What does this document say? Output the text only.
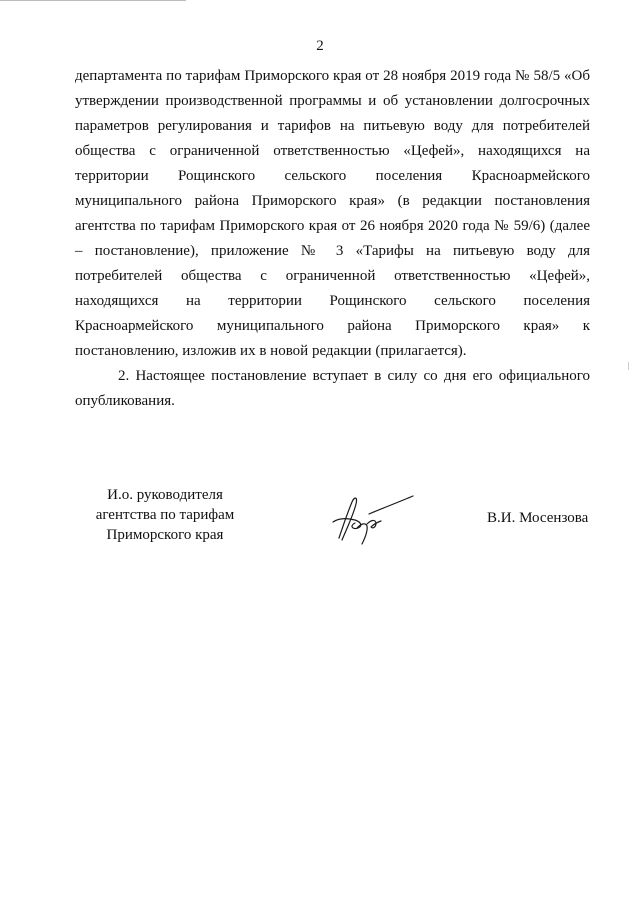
2

департамента по тарифам Приморского края от 28 ноября 2019 года № 58/5 «Об утверждении производственной программы и об установлении долгосрочных параметров регулирования и тарифов на питьевую воду для потребителей общества с ограниченной ответственностью «Цефей», находящихся на территории Рощинского сельского поселения Красноармейского муниципального района Приморского края» (в редакции постановления агентства по тарифам Приморского края от 26 ноября 2020 года № 59/6) (далее – постановление), приложение № 3 «Тарифы на питьевую воду для потребителей общества с ограниченной ответственностью «Цефей», находящихся на территории Рощинского сельского поселения Красноармейского муниципального района Приморского края» к постановлению, изложив их в новой редакции (прилагается).

2. Настоящее постановление вступает в силу со дня его официального опубликования.

И.о. руководителя
агентства по тарифам
Приморского края
В.И. Мосензова
